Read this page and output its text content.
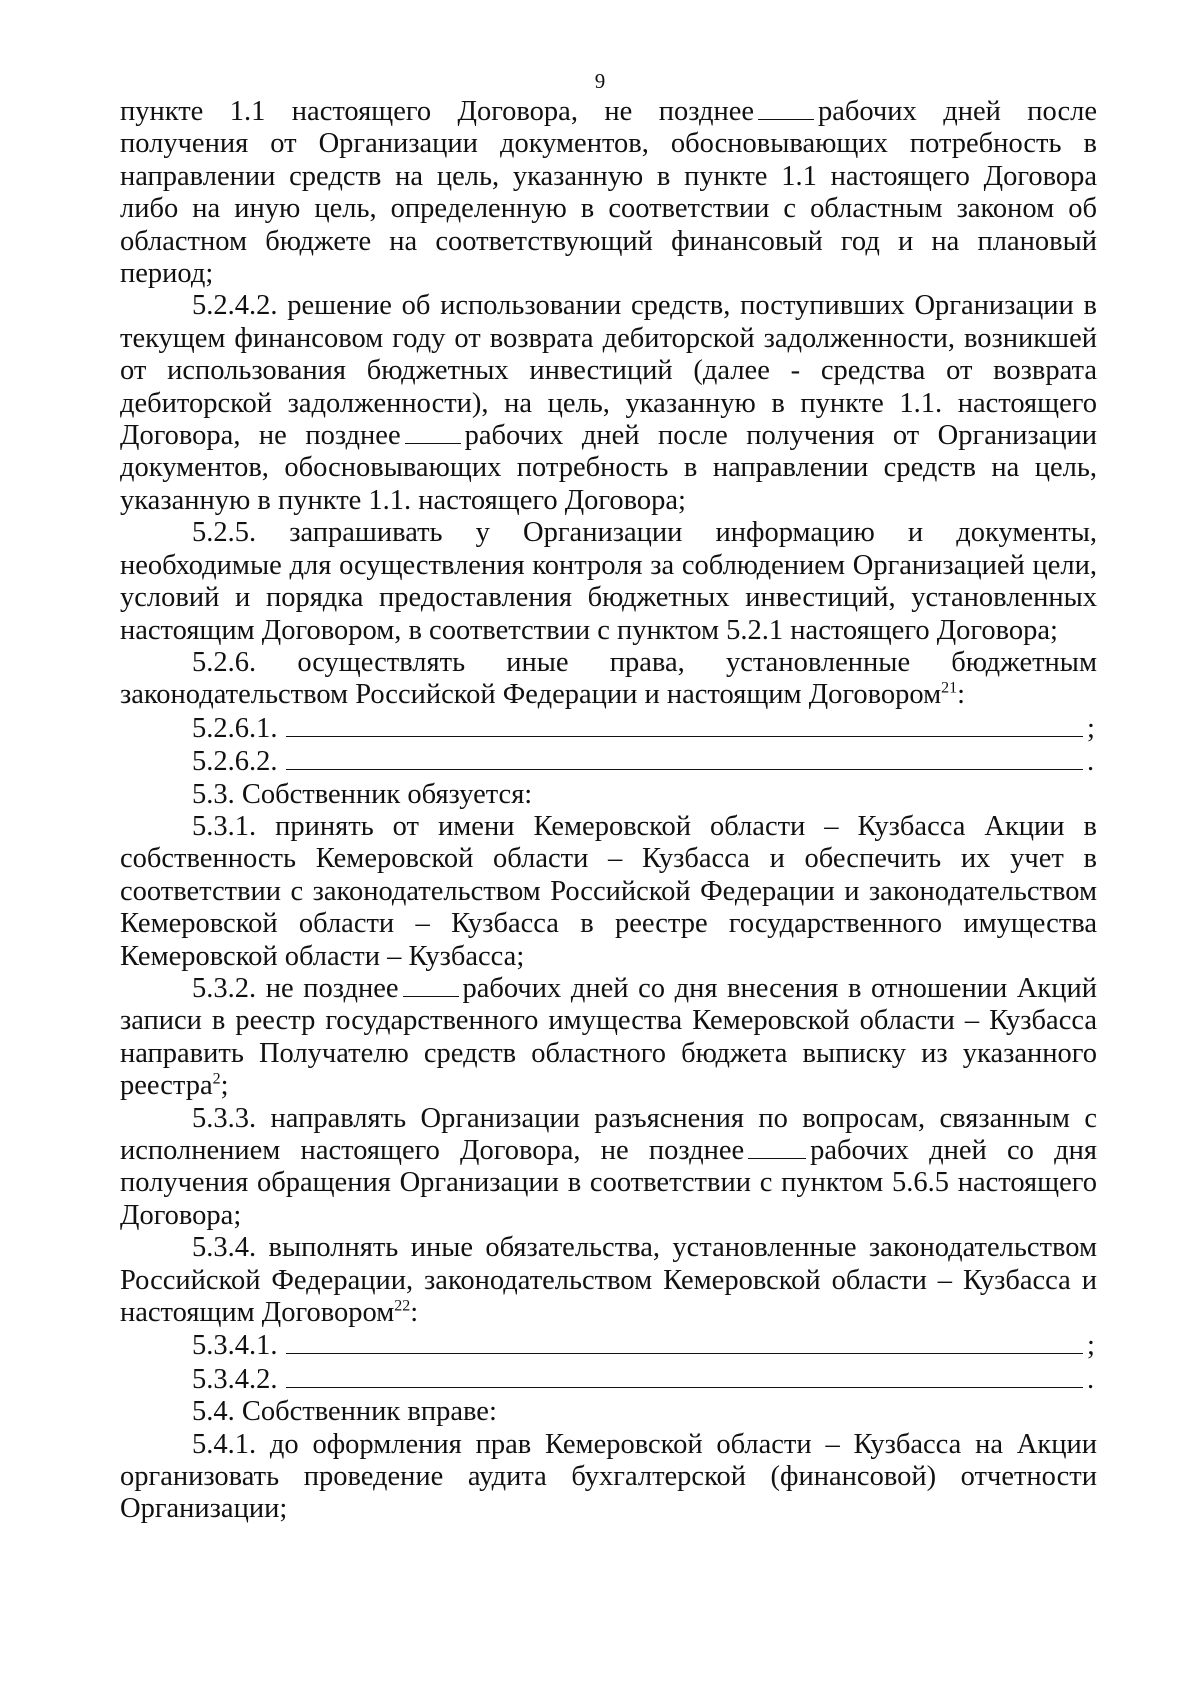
9

пункте 1.1 настоящего Договора, не позднее рабочих дней после получения от Организации документов, обосновывающих потребность в направлении средств на цель, указанную в пункте 1.1 настоящего Договора либо на иную цель, определенную в соответствии с областным законом об областном бюджете на соответствующий финансовый год и на плановый период;

5.2.4.2. решение об использовании средств, поступивших Организации в текущем финансовом году от возврата дебиторской задолженности, возникшей от использования бюджетных инвестиций (далее - средства от возврата дебиторской задолженности), на цель, указанную в пункте 1.1. настоящего Договора, не позднее рабочих дней после получения от Организации документов, обосновывающих потребность в направлении средств на цель, указанную в пункте 1.1. настоящего Договора;

5.2.5. запрашивать у Организации информацию и документы, необходимые для осуществления контроля за соблюдением Организацией цели, условий и порядка предоставления бюджетных инвестиций, установленных настоящим Договором, в соответствии с пунктом 5.2.1 настоящего Договора;

5.2.6. осуществлять иные права, установленные бюджетным законодательством Российской Федерации и настоящим Договором$^{21}$:

5.2.6.1.	;
5.2.6.2.	.

5.3. Собственник обязуется:

5.3.1. принять от имени Кемеровской области – Кузбасса Акции в собственность Кемеровской области – Кузбасса и обеспечить их учет в соответствии с законодательством Российской Федерации и законодательством Кемеровской области – Кузбасса в реестре государственного имущества Кемеровской области – Кузбасса;

5.3.2. не позднее рабочих дней со дня внесения в отношении Акций записи в реестр государственного имущества Кемеровской области – Кузбасса направить Получателю средств областного бюджета выписку из указанного реестра$^2$;

5.3.3. направлять Организации разъяснения по вопросам, связанным с исполнением настоящего Договора, не позднее рабочих дней со дня получения обращения Организации в соответствии с пунктом 5.6.5 настоящего Договора;

5.3.4. выполнять иные обязательства, установленные законодательством Российской Федерации, законодательством Кемеровской области – Кузбасса и настоящим Договором$^{22}$:

5.3.4.1.	;
5.3.4.2.	.

5.4. Собственник вправе:

5.4.1. до оформления прав Кемеровской области – Кузбасса на Акции организовать проведение аудита бухгалтерской (финансовой) отчетности Организации;
